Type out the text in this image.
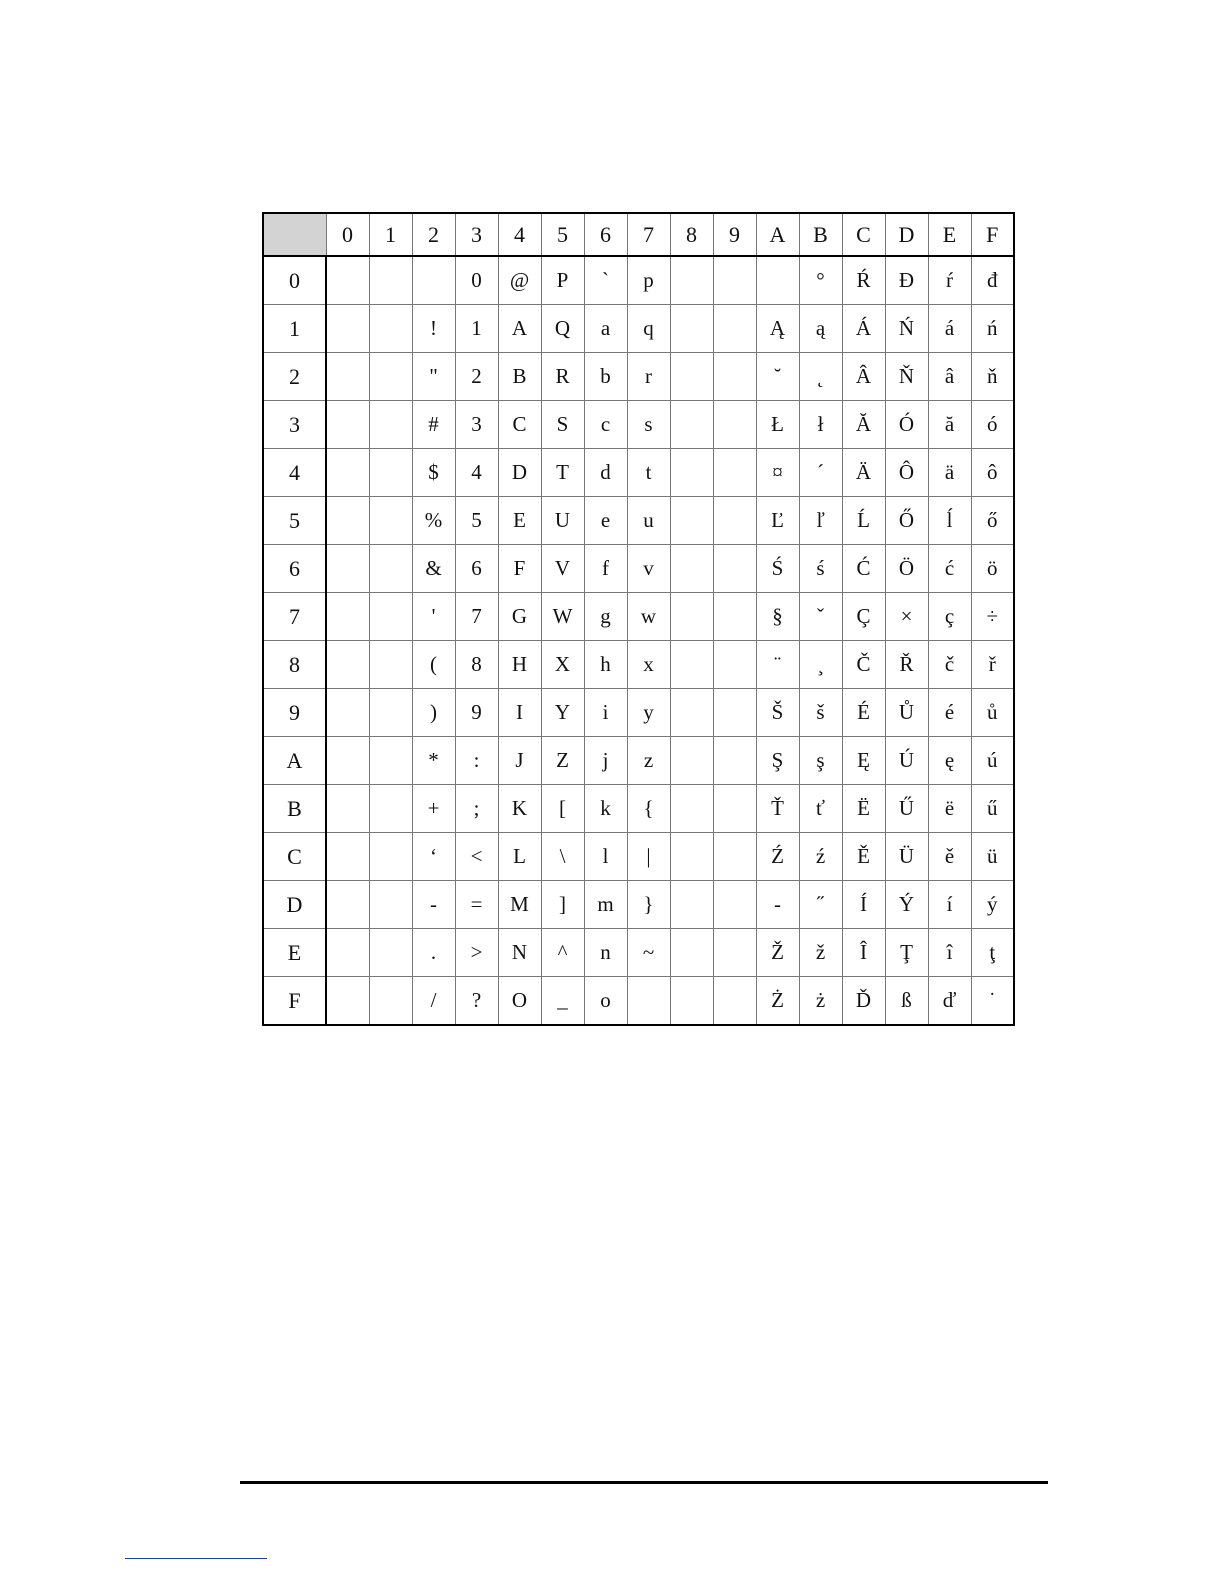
	0	1	2	3	4	5	6	7	8	9	A	B	C	D	E	F
0				0	@	P	`	p				°	Ŕ	Đ	ŕ	đ
1			!	1	A	Q	a	q			Ą	ą	Á	Ń	á	ń
2			"	2	B	R	b	r			˘	˛	Â	Ň	â	ň
3			#	3	C	S	c	s			Ł	ł	Ă	Ó	ă	ó
4			$	4	D	T	d	t			¤	´	Ä	Ô	ä	ô
5			%	5	E	U	e	u			Ľ	ľ	Ĺ	Ő	ĺ	ő
6			&	6	F	V	f	v			Ś	ś	Ć	Ö	ć	ö
7			'	7	G	W	g	w			§	ˇ	Ç	×	ç	÷
8			(	8	H	X	h	x			¨	¸	Č	Ř	č	ř
9			)	9	I	Y	i	y			Š	š	É	Ů	é	ů
A			*	:	J	Z	j	z			Ş	ş	Ę	Ú	ę	ú
B			+	;	K	[	k	{			Ť	ť	Ë	Ű	ë	ű
C			‘	<	L	\	l	|			Ź	ź	Ě	Ü	ě	ü
D			-	=	M	]	m	}			-	˝	Í	Ý	í	ý
E			.	>	N	^	n	~			Ž	ž	Î	Ţ	î	ţ
F			/	?	O	_	o				Ż	ż	Ď	ß	ď	˙
